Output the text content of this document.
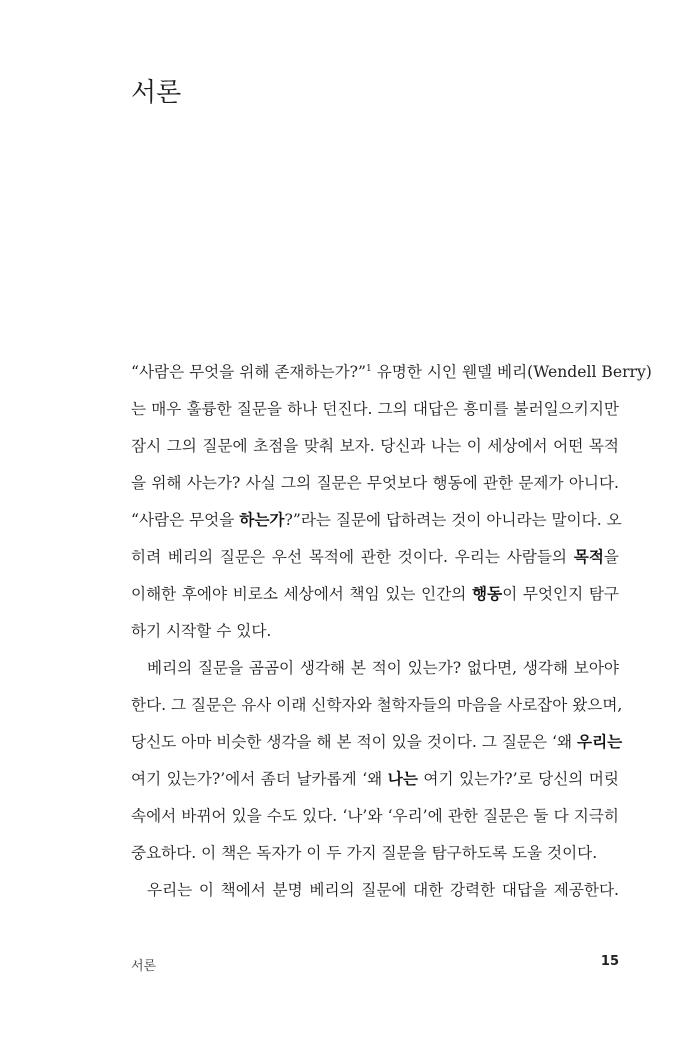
서론
“사람은 무엇을 위해 존재하는가?”$^1$ 유명한 시인 웬델 베리(Wendell Berry)
는 매우 훌륭한 질문을 하나 던진다. 그의 대답은 흥미를 불러일으키지만
잠시 그의 질문에 초점을 맞춰 보자. 당신과 나는 이 세상에서 어떤 목적
을 위해 사는가? 사실 그의 질문은 무엇보다 행동에 관한 문제가 아니다.
“사람은 무엇을 하는가?”라는 질문에 답하려는 것이 아니라는 말이다. 오
히려 베리의 질문은 우선 목적에 관한 것이다. 우리는 사람들의 목적을
이해한 후에야 비로소 세상에서 책임 있는 인간의 행동이 무엇인지 탐구
하기 시작할 수 있다.
베리의 질문을 곰곰이 생각해 본 적이 있는가? 없다면, 생각해 보아야
한다. 그 질문은 유사 이래 신학자와 철학자들의 마음을 사로잡아 왔으며,
당신도 아마 비슷한 생각을 해 본 적이 있을 것이다. 그 질문은 ‘왜 우리는
여기 있는가?’에서 좀더 날카롭게 ‘왜 나는 여기 있는가?’로 당신의 머릿
속에서 바뀌어 있을 수도 있다. ‘나’와 ‘우리’에 관한 질문은 둘 다 지극히
중요하다. 이 책은 독자가 이 두 가지 질문을 탐구하도록 도울 것이다.
우리는 이 책에서 분명 베리의 질문에 대한 강력한 대답을 제공한다.
서론	15
